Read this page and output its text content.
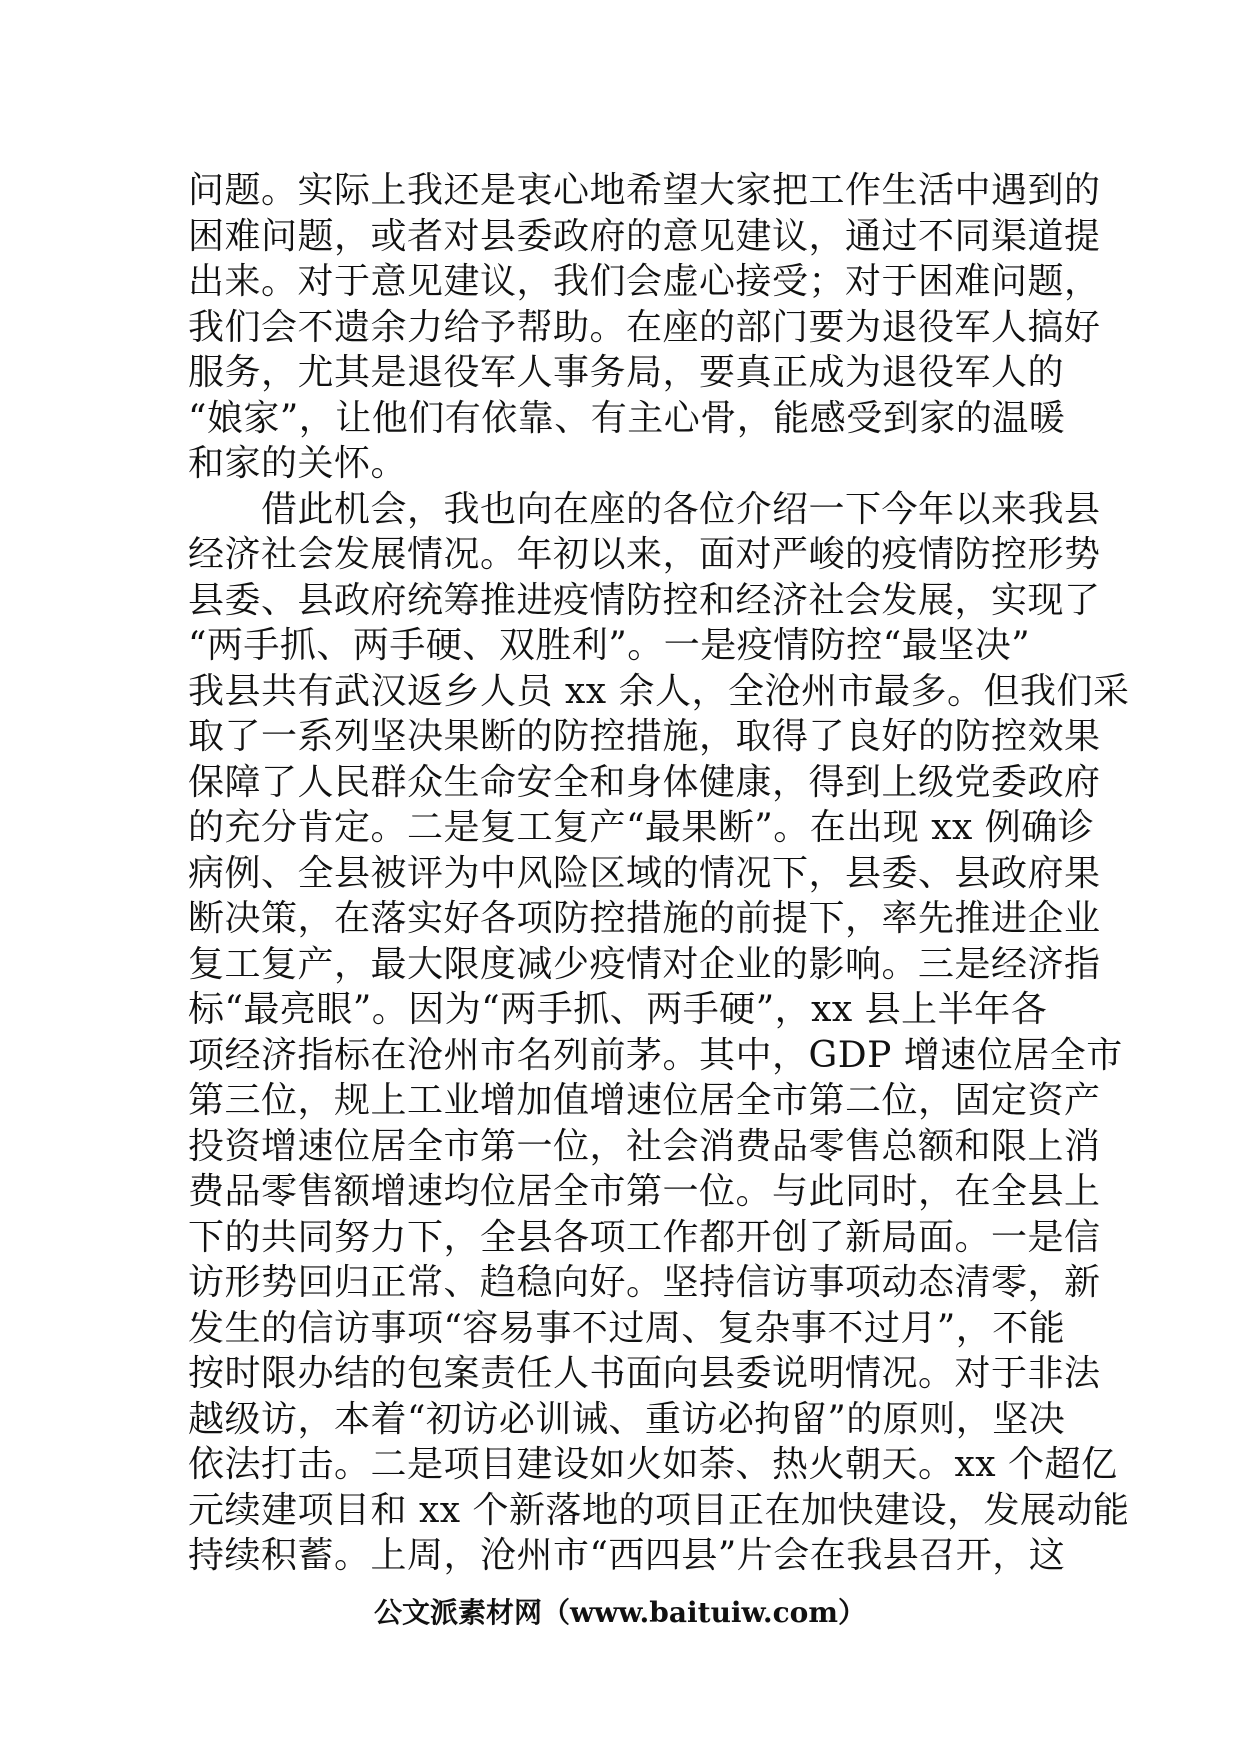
问题。实际上我还是衷心地希望大家把工作生活中遇到的
困难问题，或者对县委政府的意见建议，通过不同渠道提
出来。对于意见建议，我们会虚心接受；对于困难问题，
我们会不遗余力给予帮助。在座的部门要为退役军人搞好
服务，尤其是退役军人事务局，要真正成为退役军人的
“娘家”，让他们有依靠、有主心骨，能感受到家的温暖
和家的关怀。
　　借此机会，我也向在座的各位介绍一下今年以来我县
经济社会发展情况。年初以来，面对严峻的疫情防控形势
县委、县政府统筹推进疫情防控和经济社会发展，实现了
“两手抓、两手硬、双胜利”。一是疫情防控“最坚决”
我县共有武汉返乡人员 xx 余人，全沧州市最多。但我们采
取了一系列坚决果断的防控措施，取得了良好的防控效果
保障了人民群众生命安全和身体健康，得到上级党委政府
的充分肯定。二是复工复产“最果断”。在出现 xx 例确诊
病例、全县被评为中风险区域的情况下，县委、县政府果
断决策，在落实好各项防控措施的前提下，率先推进企业
复工复产，最大限度减少疫情对企业的影响。三是经济指
标“最亮眼”。因为“两手抓、两手硬”，xx 县上半年各
项经济指标在沧州市名列前茅。其中，GDP 增速位居全市
第三位，规上工业增加值增速位居全市第二位，固定资产
投资增速位居全市第一位，社会消费品零售总额和限上消
费品零售额增速均位居全市第一位。与此同时，在全县上
下的共同努力下，全县各项工作都开创了新局面。一是信
访形势回归正常、趋稳向好。坚持信访事项动态清零，新
发生的信访事项“容易事不过周、复杂事不过月”，不能
按时限办结的包案责任人书面向县委说明情况。对于非法
越级访，本着“初访必训诫、重访必拘留”的原则，坚决
依法打击。二是项目建设如火如荼、热火朝天。xx 个超亿
元续建项目和 xx 个新落地的项目正在加快建设，发展动能
持续积蓄。上周，沧州市“西四县”片会在我县召开，这
公文派素材网（www.baituiw.com）
